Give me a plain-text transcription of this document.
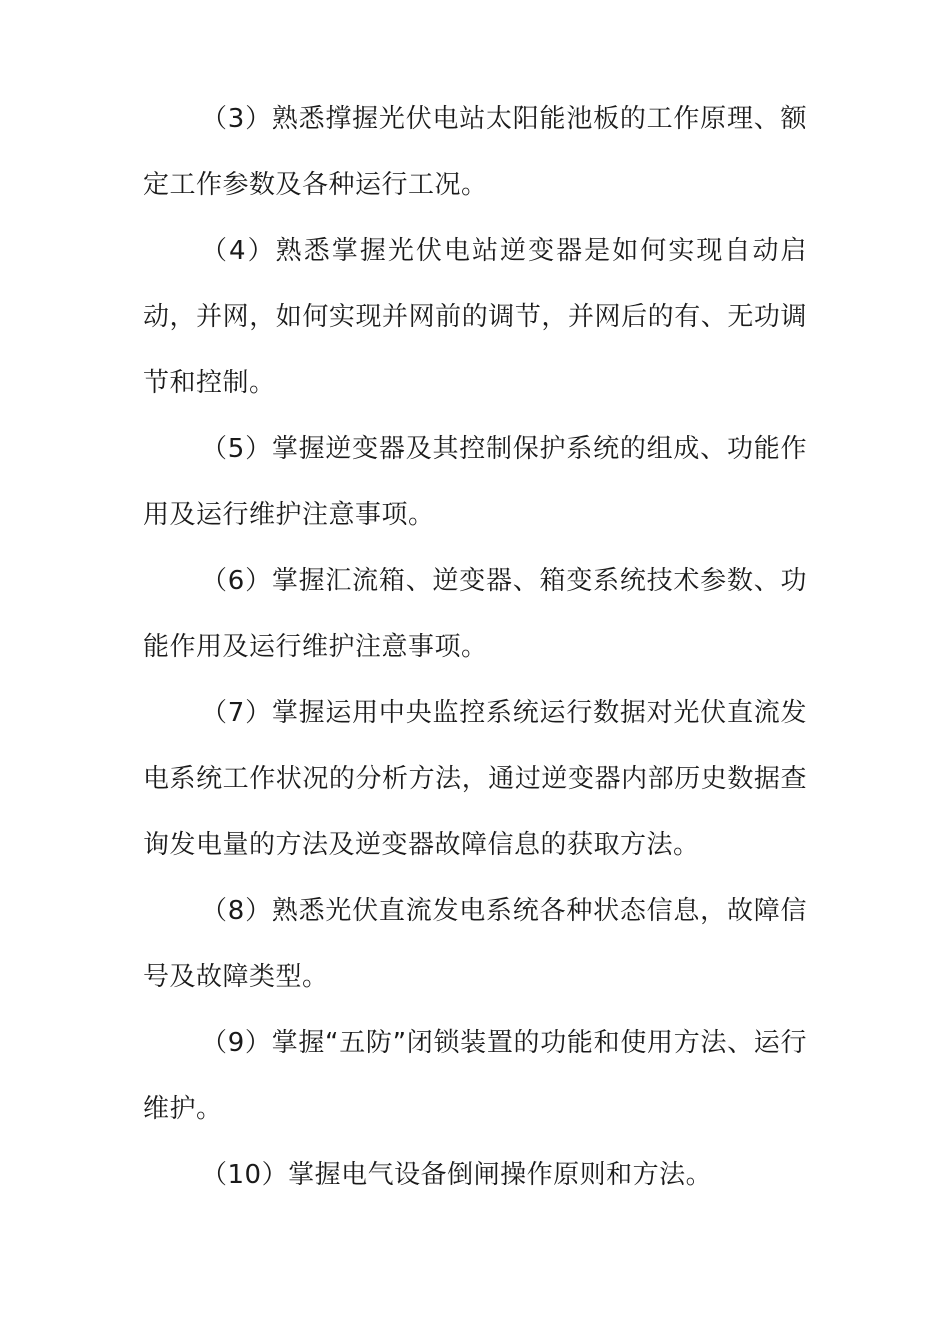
（3）熟悉撑握光伏电站太阳能池板的工作原理、额定工作参数及各种运行工况。

（4）熟悉掌握光伏电站逆变器是如何实现自动启动，并网，如何实现并网前的调节，并网后的有、无功调节和控制。

（5）掌握逆变器及其控制保护系统的组成、功能作用及运行维护注意事项。

（6）掌握汇流箱、逆变器、箱变系统技术参数、功能作用及运行维护注意事项。

（7）掌握运用中央监控系统运行数据对光伏直流发电系统工作状况的分析方法，通过逆变器内部历史数据查询发电量的方法及逆变器故障信息的获取方法。

（8）熟悉光伏直流发电系统各种状态信息，故障信号及故障类型。

（9）掌握“五防”闭锁装置的功能和使用方法、运行维护。

（10）掌握电气设备倒闸操作原则和方法。
